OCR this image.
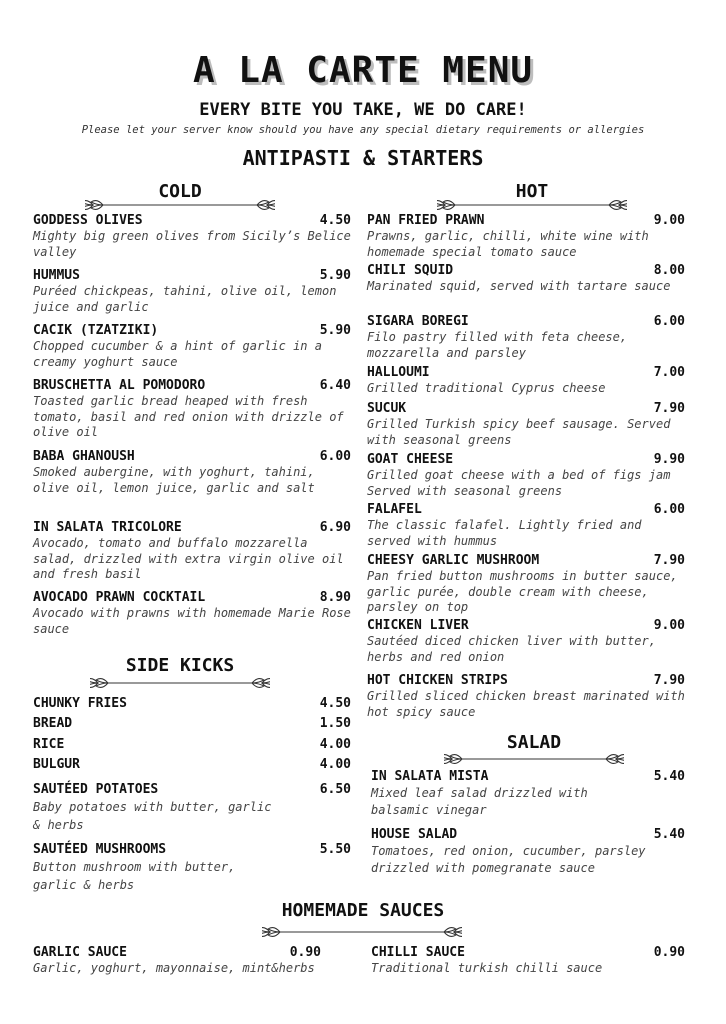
A LA CARTE MENU
EVERY BITE YOU TAKE, WE DO CARE!
Please let your server know should you have any special dietary requirements or allergies
ANTIPASTI & STARTERS
COLD	HOT
GODDESS OLIVES	4.50
Mighty big green olives from Sicily’s Belice valley
HUMMUS	5.90
Puréed chickpeas, tahini, olive oil, lemon juice and garlic
CACIK (TZATZIKI)	5.90
Chopped cucumber & a hint of garlic in a creamy yoghurt sauce
BRUSCHETTA AL POMODORO	6.40
Toasted garlic bread heaped with fresh tomato, basil and red onion with drizzle of olive oil
BABA GHANOUSH	6.00
Smoked aubergine, with yoghurt, tahini, olive oil, lemon juice, garlic and salt
IN SALATA TRICOLORE	6.90
Avocado, tomato and buffalo mozzarella salad, drizzled with extra virgin olive oil and fresh basil
AVOCADO PRAWN COCKTAIL	8.90
Avocado with prawns with homemade Marie Rose sauce
PAN FRIED PRAWN	9.00
Prawns, garlic, chilli, white wine with homemade special tomato sauce
CHILI SQUID	8.00
Marinated squid, served with tartare sauce
SIGARA BOREGI	6.00
Filo pastry filled with feta cheese, mozzarella and parsley
HALLOUMI	7.00
Grilled traditional Cyprus cheese
SUCUK	7.90
Grilled Turkish spicy beef sausage. Served with seasonal greens
GOAT CHEESE	9.90
Grilled goat cheese with a bed of figs jam Served with seasonal greens
FALAFEL	6.00
The classic falafel. Lightly fried and served with hummus
CHEESY GARLIC MUSHROOM	7.90
Pan fried button mushrooms in butter sauce, garlic purée, double cream with cheese, parsley on top
CHICKEN LIVER	9.00
Sautéed diced chicken liver with butter, herbs and red onion
HOT CHICKEN STRIPS	7.90
Grilled sliced chicken breast marinated with hot spicy sauce
SIDE KICKS
CHUNKY FRIES	4.50
BREAD	1.50
RICE	4.00
BULGUR	4.00
SAUTÉED POTATOES	6.50
Baby potatoes with butter, garlic & herbs
SAUTÉED MUSHROOMS	5.50
Button mushroom with butter, garlic & herbs
SALAD
IN SALATA MISTA	5.40
Mixed leaf salad drizzled with balsamic vinegar
HOUSE SALAD	5.40
Tomatoes, red onion, cucumber, parsley drizzled with pomegranate sauce
HOMEMADE SAUCES
GARLIC SAUCE	0.90
Garlic, yoghurt, mayonnaise, mint&herbs
CHILLI SAUCE	0.90
Traditional turkish chilli sauce
